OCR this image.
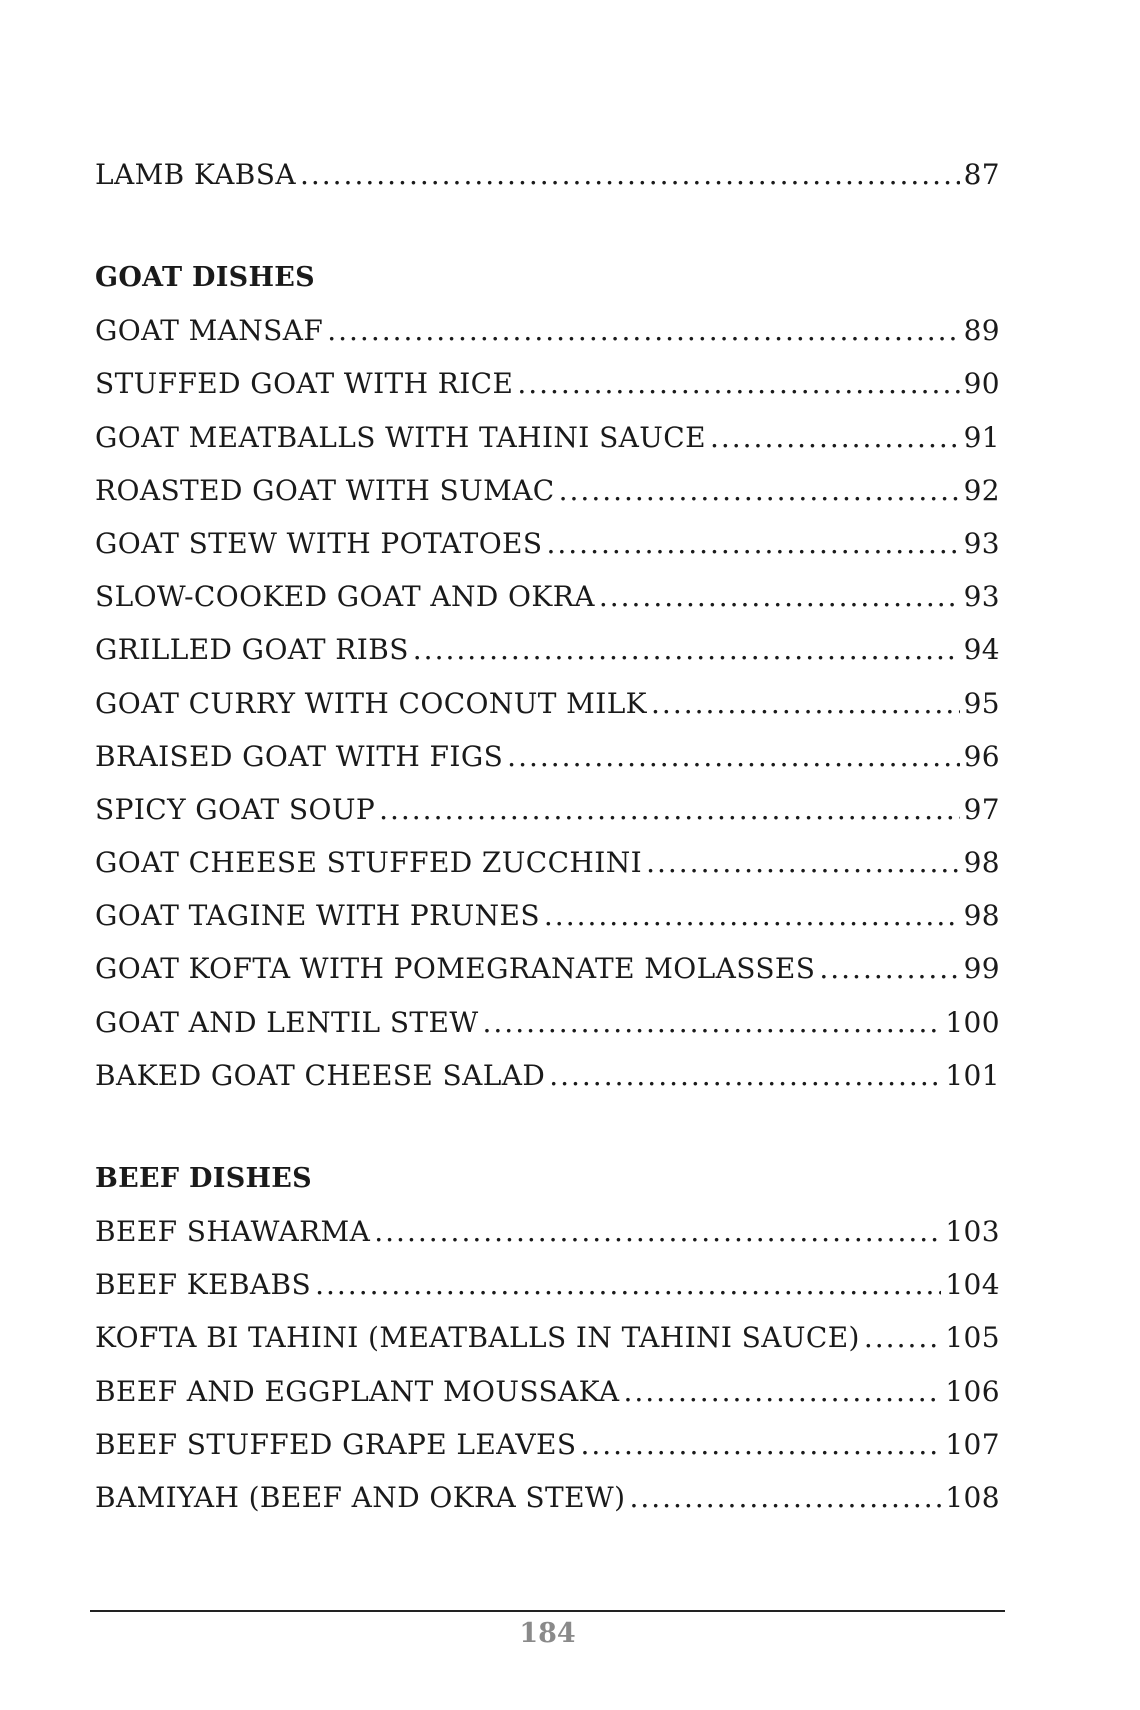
LAMB KABSA .....	87
GOAT DISHES
GOAT MANSAF .....	89
STUFFED GOAT WITH RICE .....	90
GOAT MEATBALLS WITH TAHINI SAUCE .....	91
ROASTED GOAT WITH SUMAC .....	92
GOAT STEW WITH POTATOES .....	93
SLOW-COOKED GOAT AND OKRA .....	93
GRILLED GOAT RIBS .....	94
GOAT CURRY WITH COCONUT MILK .....	95
BRAISED GOAT WITH FIGS .....	96
SPICY GOAT SOUP .....	97
GOAT CHEESE STUFFED ZUCCHINI .....	98
GOAT TAGINE WITH PRUNES .....	98
GOAT KOFTA WITH POMEGRANATE MOLASSES .....	99
GOAT AND LENTIL STEW .....	100
BAKED GOAT CHEESE SALAD .....	101
BEEF DISHES
BEEF SHAWARMA .....	103
BEEF KEBABS .....	104
KOFTA BI TAHINI (MEATBALLS IN TAHINI SAUCE) .....	105
BEEF AND EGGPLANT MOUSSAKA .....	106
BEEF STUFFED GRAPE LEAVES .....	107
BAMIYAH (BEEF AND OKRA STEW) .....	108
184
